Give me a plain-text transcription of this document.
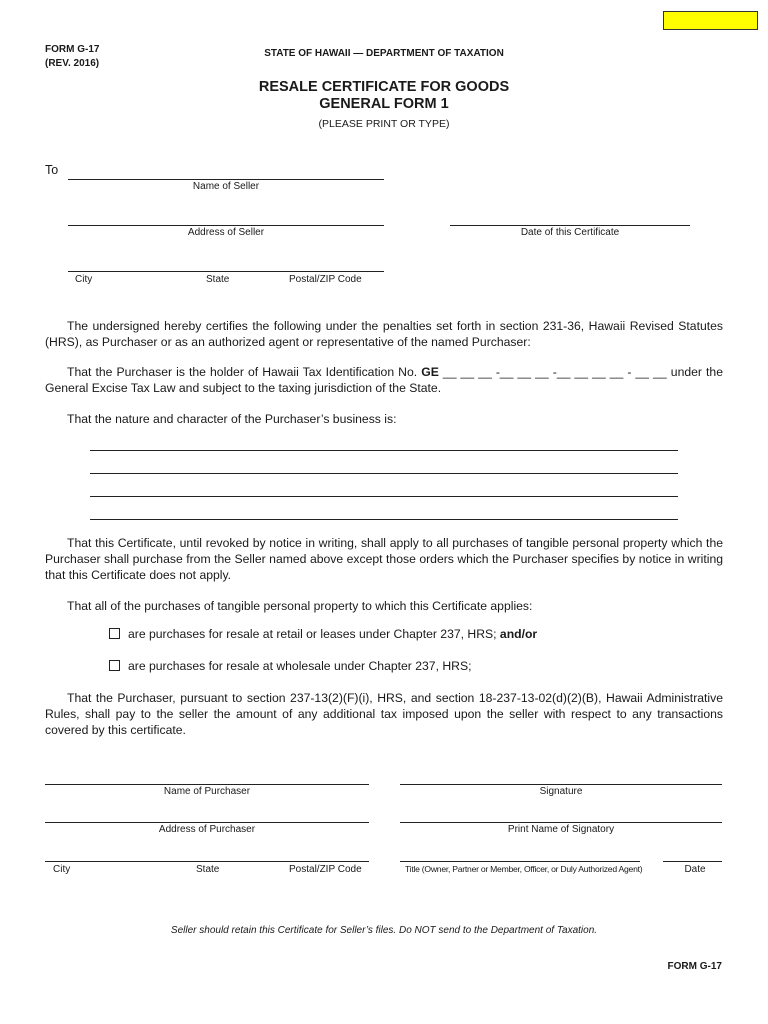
FORM G-17
(REV. 2016)
STATE OF HAWAII — DEPARTMENT OF TAXATION
RESALE CERTIFICATE FOR GOODS
GENERAL FORM 1
(PLEASE PRINT OR TYPE)
To
Name of Seller
Address of Seller	Date of this Certificate
City	State	Postal/ZIP Code
The undersigned hereby certifies the following under the penalties set forth in section 231-36, Hawaii Revised Statutes (HRS), as Purchaser or as an authorized agent or representative of the named Purchaser:
That the Purchaser is the holder of Hawaii Tax Identification No. GE __ __ __ -__ __ __ -__ __ __ __ - __ __ under the General Excise Tax Law and subject to the taxing jurisdiction of the State.
That the nature and character of the Purchaser’s business is:
That this Certificate, until revoked by notice in writing, shall apply to all purchases of tangible personal property which the Purchaser shall purchase from the Seller named above except those orders which the Purchaser specifies by notice in writing that this Certificate does not apply.
That all of the purchases of tangible personal property to which this Certificate applies:
are purchases for resale at retail or leases under Chapter 237, HRS; and/or
are purchases for resale at wholesale under Chapter 237, HRS;
That the Purchaser, pursuant to section 237-13(2)(F)(i), HRS, and section 18-237-13-02(d)(2)(B), Hawaii Administrative Rules, shall pay to the seller the amount of any additional tax imposed upon the seller with respect to any transactions covered by this certificate.
Name of Purchaser	Signature
Address of Purchaser	Print Name of Signatory
City	State	Postal/ZIP Code	Title (Owner, Partner or Member, Officer, or Duly Authorized Agent)	Date
Seller should retain this Certificate for Seller’s files. Do NOT send to the Department of Taxation.
FORM G-17
